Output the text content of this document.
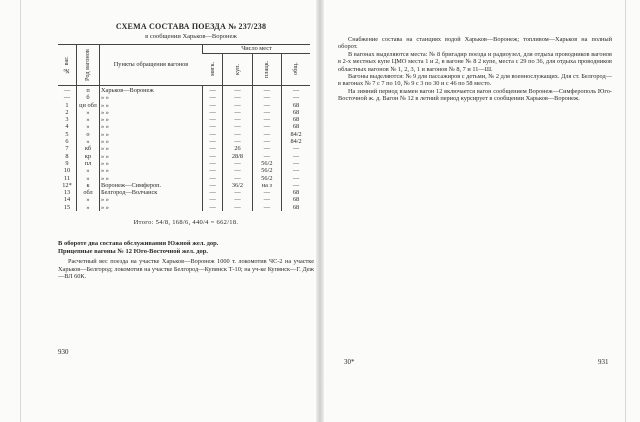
СХЕМА СОСТАВА ПОЕЗДА № 237/238
в сообщении Харьков—Воронеж
№ ваг.	Род вагонов	Пункты обращения вагонов	Число мест			

			мягк.	куп.	плацк.	общ.

—	п	Харьков—Воронеж	—	—	—	—
—	б	» »	—	—	—	—
1	цн обл	» »	—	—	—	68
2	»	» »	—	—	—	68
3	»	» »	—	—	—	68
4	»	» »	—	—	—	68
5	о	» »	—	—	—	84/2
6	»	» »	—	—	—	84/2
7	кб	» »	—	26	—	—
8	кр	» »	—	28/8	—	—
9	пл	» »	—	—	56/2	—
10	»	» »	—	—	56/2	—
11	»	» »	—	—	56/2	—
12*	к	Воронеж—Симфероп.	—	36/2	на з	—
13	обл	Белгород—Волчанск	—	—	—	68
14	»	» »	—	—	—	68
15	»	» »	—	—	—	68
Итого: 54/8, 168/6, 440/4 = 662/18.
В обороте два состава обслуживания Южной жел. дор.
Прицепные вагоны № 12 Юго-Восточной жел. дор.
Расчетный вес поезда на участке Харьков—Воронеж 1000 т. локомотив ЧС-2 на участке Харьков—Белгород; локомотив на участке Белгород—Купянск Т-10; на уч-ке Купянск—Г. Деж—ВЛ 60К.
930

Снабжение состава на станциях водой Харьков—Воронеж; топливом—Харьков на полный оборот.

В вагонах выделяются места: № 8 бригадир поезда и радиоузел, для отдыха проводников вагонов в 2-х местных купе ЦМО места 1 и 2, в вагоне № 8 2 купе, места с 29 по 36, для отдыха проводников областных вагонов № 1, 2, 3, 1 и вагонов № 8, 7 и 11—Ш.

Вагоны выделяются: № 9 для пассажиров с детьми, № 2 для военнослужащих. Для ст. Белгород—в вагонах № 7 с 7 по 10, № 9 с 3 по 30 и с 46 по 58 место.

На зимний период взамен вагон 12 включается вагон сообщением Воронеж—Симферополь Юго-Восточной ж. д. Вагон № 12 в летний период курсирует в сообщении Харьков—Воронеж.

30*	931
